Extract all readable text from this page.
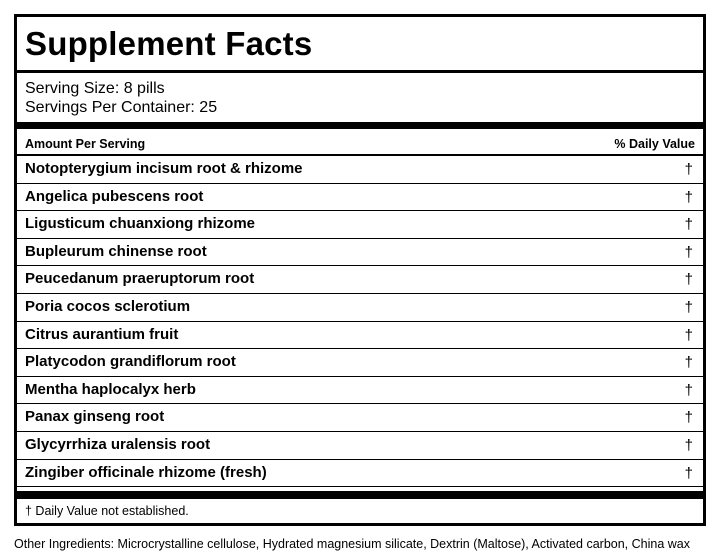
Supplement Facts
Serving Size: 8 pills
Servings Per Container: 25
Amount Per Serving	% Daily Value
Notopterygium incisum root & rhizome	†
Angelica pubescens root	†
Ligusticum chuanxiong rhizome	†
Bupleurum chinense root	†
Peucedanum praeruptorum root	†
Poria cocos sclerotium	†
Citrus aurantium fruit	†
Platycodon grandiflorum root	†
Mentha haplocalyx herb	†
Panax ginseng root	†
Glycyrrhiza uralensis root	†
Zingiber officinale rhizome (fresh)	†
† Daily Value not established.
Other Ingredients: Microcrystalline cellulose, Hydrated magnesium silicate, Dextrin (Maltose), Activated carbon, China wax
